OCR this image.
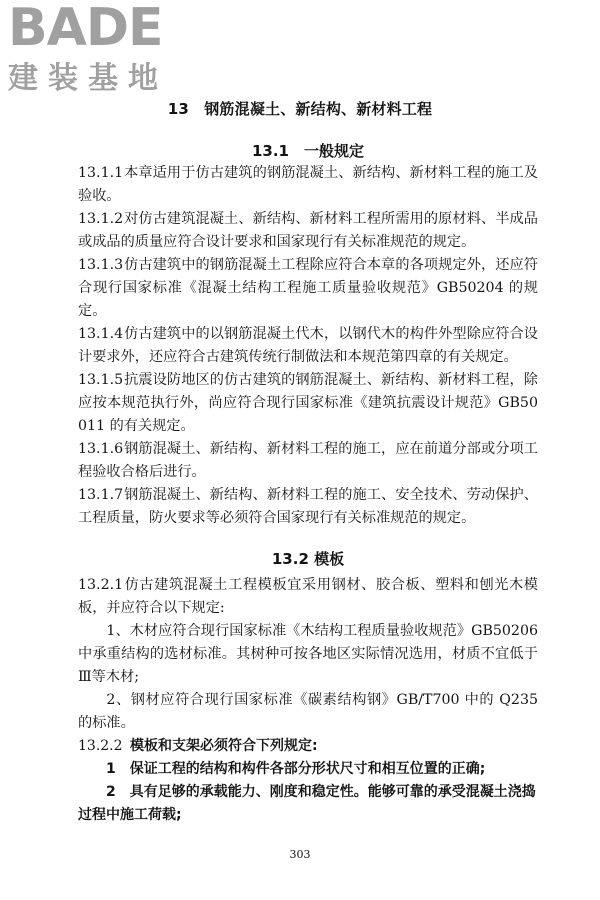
BADE
建装基地
13　钢筋混凝土、新结构、新材料工程
13.1　一般规定

13.1.1本章适用于仿古建筑的钢筋混凝土、新结构、新材料工程的施工及验收。

13.1.2对仿古建筑混凝土、新结构、新材料工程所需用的原材料、半成品或成品的质量应符合设计要求和国家现行有关标准规范的规定。

13.1.3仿古建筑中的钢筋混凝土工程除应符合本章的各项规定外，还应符合现行国家标准《混凝土结构工程施工质量验收规范》GB50204 的规定。

13.1.4仿古建筑中的以钢筋混凝土代木，以钢代木的构件外型除应符合设计要求外，还应符合古建筑传统行制做法和本规范第四章的有关规定。

13.1.5抗震设防地区的仿古建筑的钢筋混凝土、新结构、新材料工程，除应按本规范执行外，尚应符合现行国家标准《建筑抗震设计规范》GB50011 的有关规定。

13.1.6钢筋混凝土、新结构、新材料工程的施工，应在前道分部或分项工程验收合格后进行。

13.1.7钢筋混凝土、新结构、新材料工程的施工、安全技术、劳动保护、工程质量，防火要求等必须符合国家现行有关标准规范的规定。

13.2 模板

13.2.1仿古建筑混凝土工程模板宜采用钢材、胶合板、塑料和刨光木模板，并应符合以下规定:

1、木材应符合现行国家标准《木结构工程质量验收规范》GB50206 中承重结构的选材标准。其树种可按各地区实际情况选用，材质不宜低于Ⅲ等木材;

2、钢材应符合现行国家标准《碳素结构钢》GB/T700 中的 Q235 的标准。

13.2.2 模板和支架必须符合下列规定:

1　保证工程的结构和构件各部分形状尺寸和相互位置的正确;

2　具有足够的承载能力、刚度和稳定性。能够可靠的承受混凝土浇捣过程中施工荷载;

303
